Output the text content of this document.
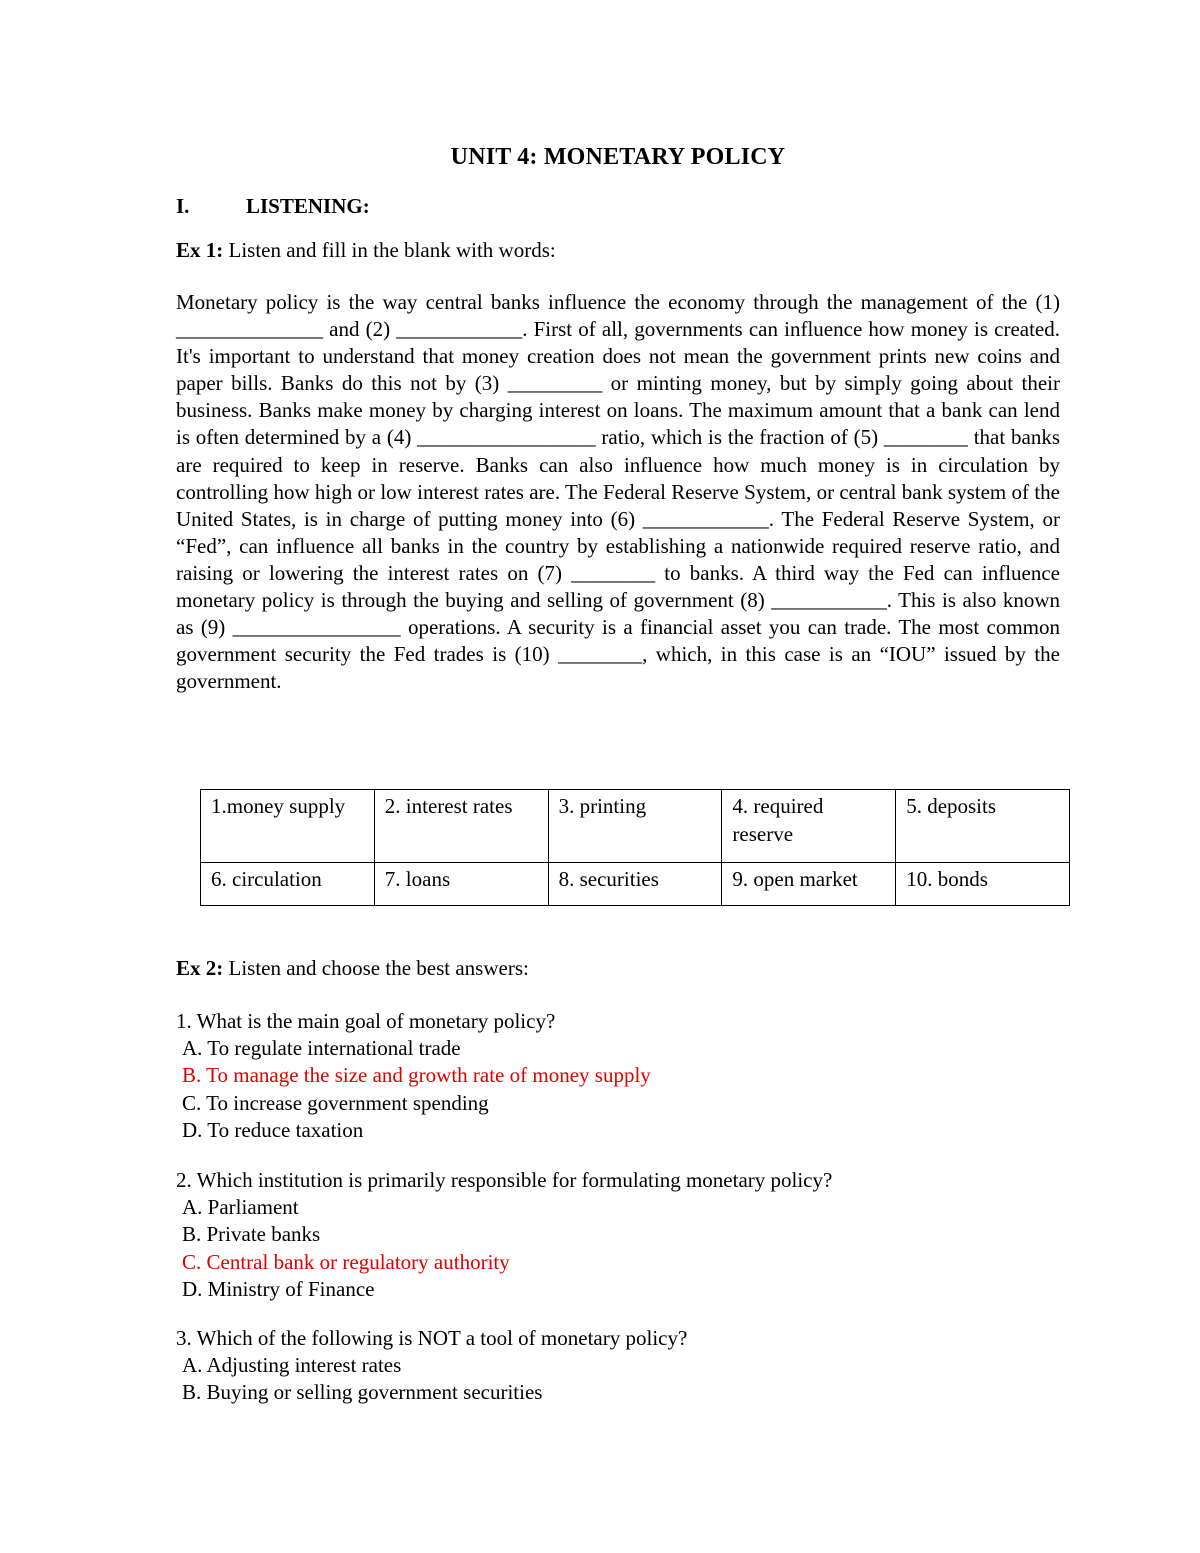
UNIT 4: MONETARY POLICY
I.	LISTENING:
Ex 1: Listen and fill in the blank with words:
Monetary policy is the way central banks influence the economy through the management of the (1) ______________ and (2) ____________. First of all, governments can influence how money is created. It's important to understand that money creation does not mean the government prints new coins and paper bills. Banks do this not by (3) _________ or minting money, but by simply going about their business. Banks make money by charging interest on loans. The maximum amount that a bank can lend is often determined by a (4) _________________ ratio, which is the fraction of (5) ________ that banks are required to keep in reserve. Banks can also influence how much money is in circulation by controlling how high or low interest rates are. The Federal Reserve System, or central bank system of the United States, is in charge of putting money into (6) ____________. The Federal Reserve System, or “Fed”, can influence all banks in the country by establishing a nationwide required reserve ratio, and raising or lowering the interest rates on (7) ________ to banks. A third way the Fed can influence monetary policy is through the buying and selling of government (8) ___________. This is also known as (9) ________________ operations. A security is a financial asset you can trade. The most common government security the Fed trades is (10) ________, which, in this case is an “IOU” issued by the government.
1.money supply	2. interest rates	3. printing	4. required reserve	5. deposits
6. circulation	7. loans	8. securities	9. open market	10. bonds
Ex 2: Listen and choose the best answers:
1. What is the main goal of monetary policy?
A. To regulate international trade
B. To manage the size and growth rate of money supply
C. To increase government spending
D. To reduce taxation
2. Which institution is primarily responsible for formulating monetary policy?
A. Parliament
B. Private banks
C. Central bank or regulatory authority
D. Ministry of Finance
3. Which of the following is NOT a tool of monetary policy?
A. Adjusting interest rates
B. Buying or selling government securities
